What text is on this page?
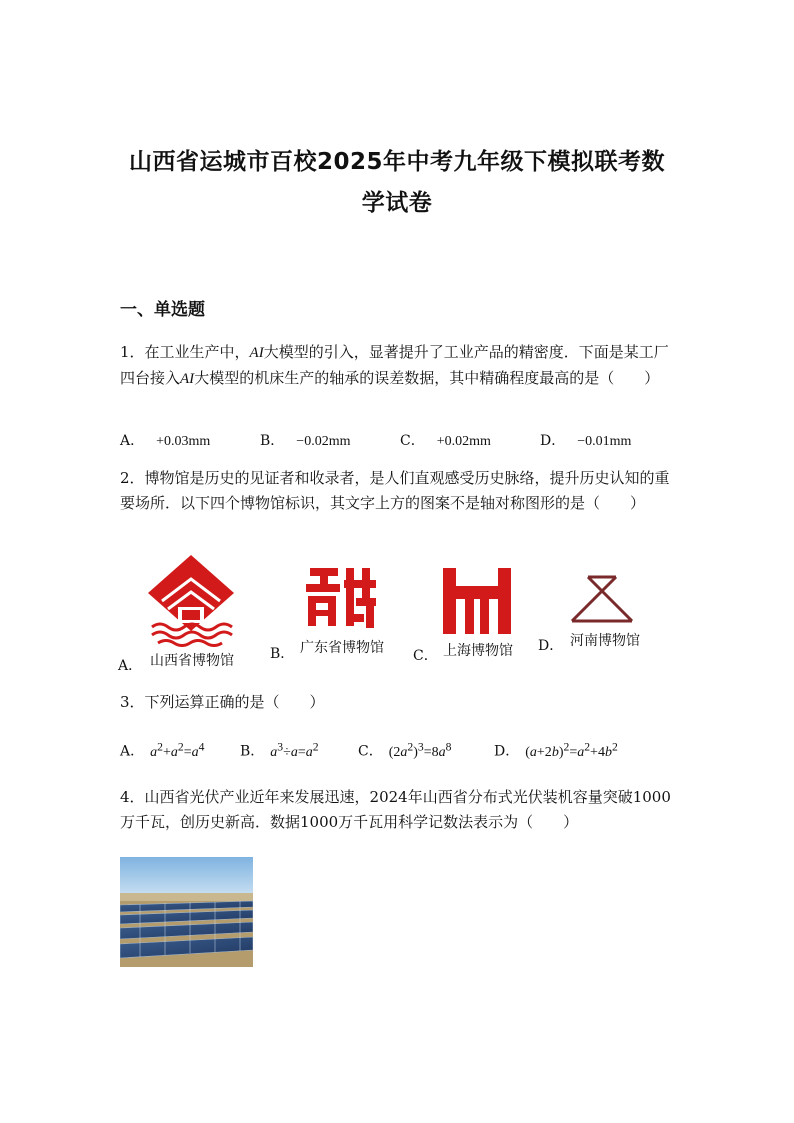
山西省运城市百校2025年中考九年级下模拟联考数
学试卷
一、单选题
1．在工业生产中，AI大模型的引入，显著提升了工业产品的精密度．下面是某工厂四台接入AI大模型的机床生产的轴承的误差数据，其中精确程度最高的是（　　）
A． +0.03mm	B． −0.02mm	C． +0.02mm	D． −0.01mm
2．博物馆是历史的见证者和收录者，是人们直观感受历史脉络，提升历史认知的重要场所．以下四个博物馆标识，其文字上方的图案不是轴对称图形的是（　　）
A． 山西省博物馆	B． 广东省博物馆 C． 上海博物馆 D． 河南博物馆
3．下列运算正确的是（　　）
A． $a^2+a^2=a^4$	B． $a^3\div a=a^2$	C． $(2a^2)^3=8a^8$	D． $(a+2b)^2=a^2+4b^2$
4．山西省光伏产业近年来发展迅速，2024年山西省分布式光伏装机容量突破1000万千瓦，创历史新高．数据1000万千瓦用科学记数法表示为（　　）
